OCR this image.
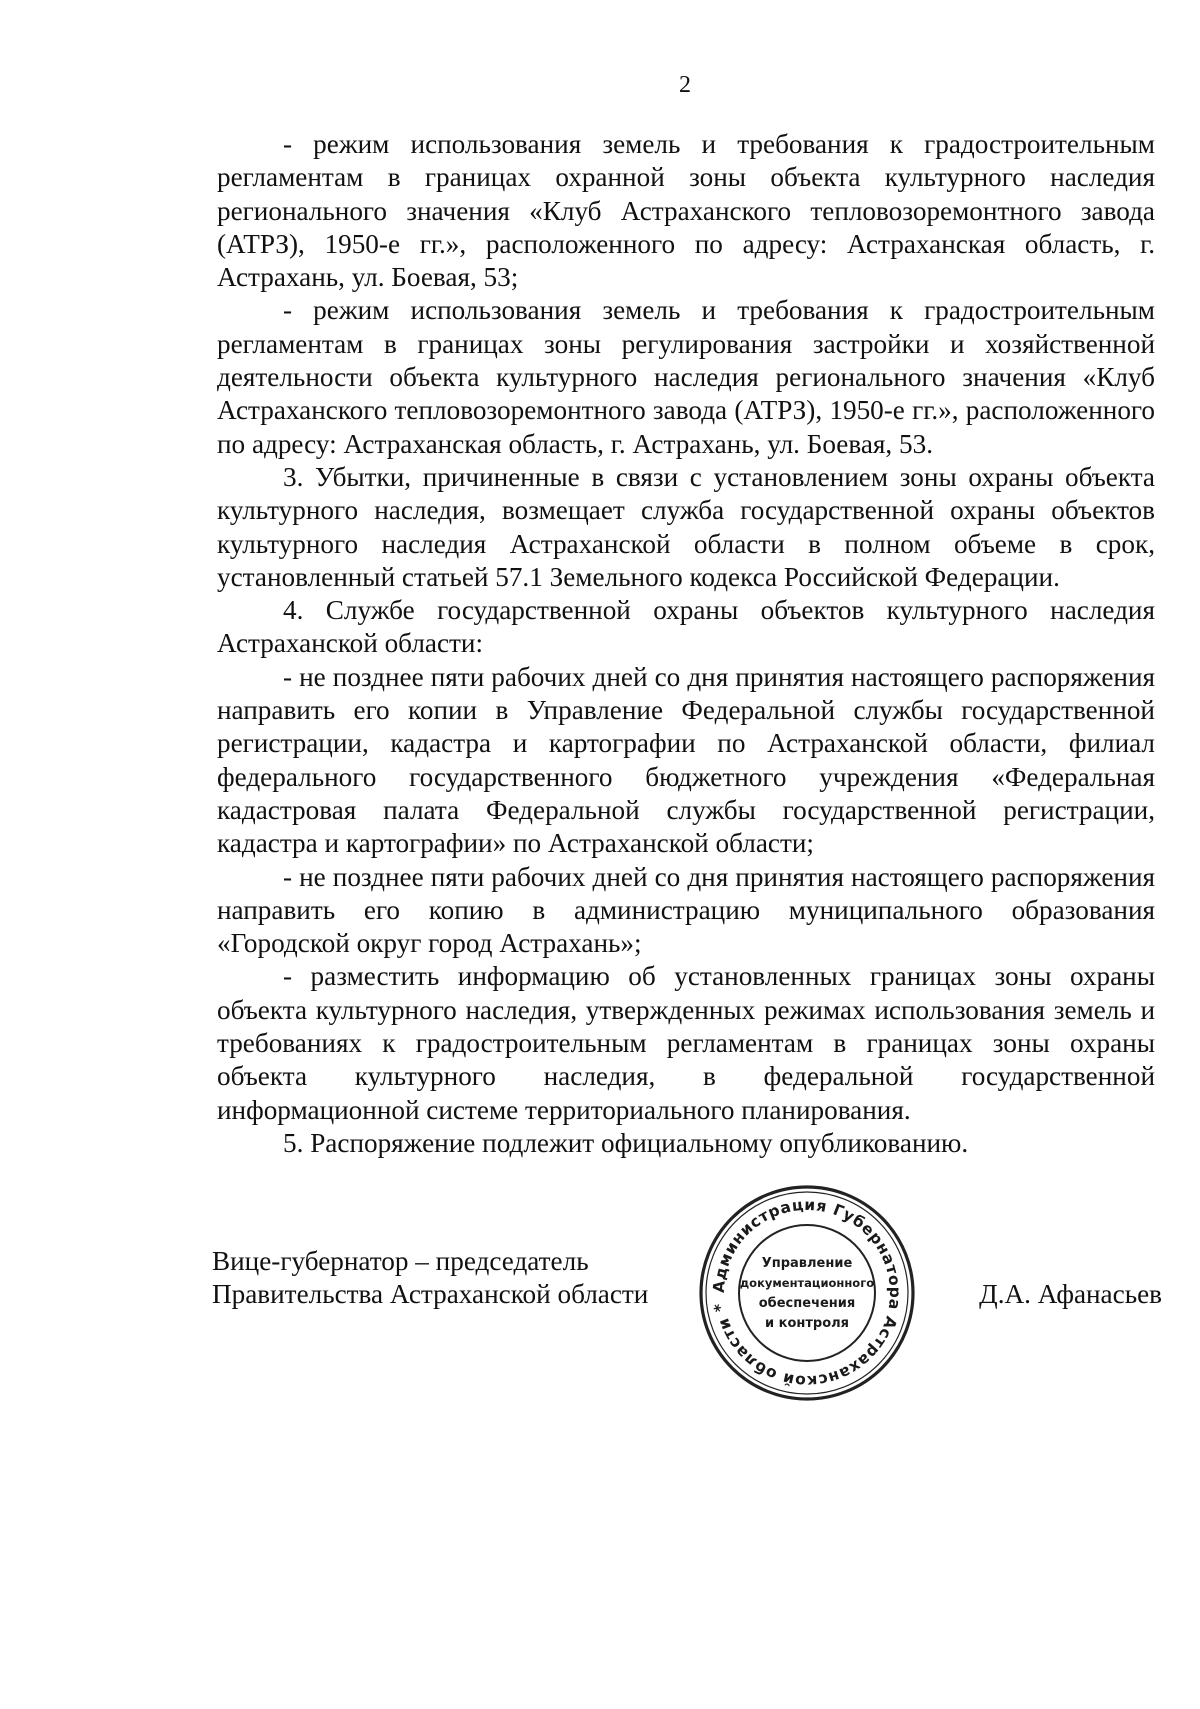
2

- режим использования земель и требования к градостроительным регламентам в границах охранной зоны объекта культурного наследия регионального значения «Клуб Астраханского тепловозоремонтного завода (АТРЗ), 1950-е гг.», расположенного по адресу: Астраханская область, г. Астрахань, ул. Боевая, 53;

- режим использования земель и требования к градостроительным регламентам в границах зоны регулирования застройки и хозяйственной деятельности объекта культурного наследия регионального значения «Клуб Астраханского тепловозоремонтного завода (АТРЗ), 1950-е гг.», расположенного по адресу: Астраханская область, г. Астрахань, ул. Боевая, 53.

3. Убытки, причиненные в связи с установлением зоны охраны объекта культурного наследия, возмещает служба государственной охраны объектов культурного наследия Астраханской области в полном объеме в срок, установленный статьей 57.1 Земельного кодекса Российской Федерации.

4. Службе государственной охраны объектов культурного наследия Астраханской области:

- не позднее пяти рабочих дней со дня принятия настоящего распоряжения направить его копии в Управление Федеральной службы государственной регистрации, кадастра и картографии по Астраханской области, филиал федерального государственного бюджетного учреждения «Федеральная кадастровая палата Федеральной службы государственной регистрации, кадастра и картографии» по Астраханской области;

- не позднее пяти рабочих дней со дня принятия настоящего распоряжения направить его копию в администрацию муниципального образования «Городской округ город Астрахань»;

- разместить информацию об установленных границах зоны охраны объекта культурного наследия, утвержденных режимах использования земель и требованиях к градостроительным регламентам в границах зоны охраны объекта культурного наследия, в федеральной государственной информационной системе территориального планирования.

5. Распоряжение подлежит официальному опубликованию.

Вице-губернатор – председатель
Правительства Астраханской области	Д.А. Афанасьев
Администрация Губернатора Астраханской области *
Управление
документационного
обеспечения
и контроля
